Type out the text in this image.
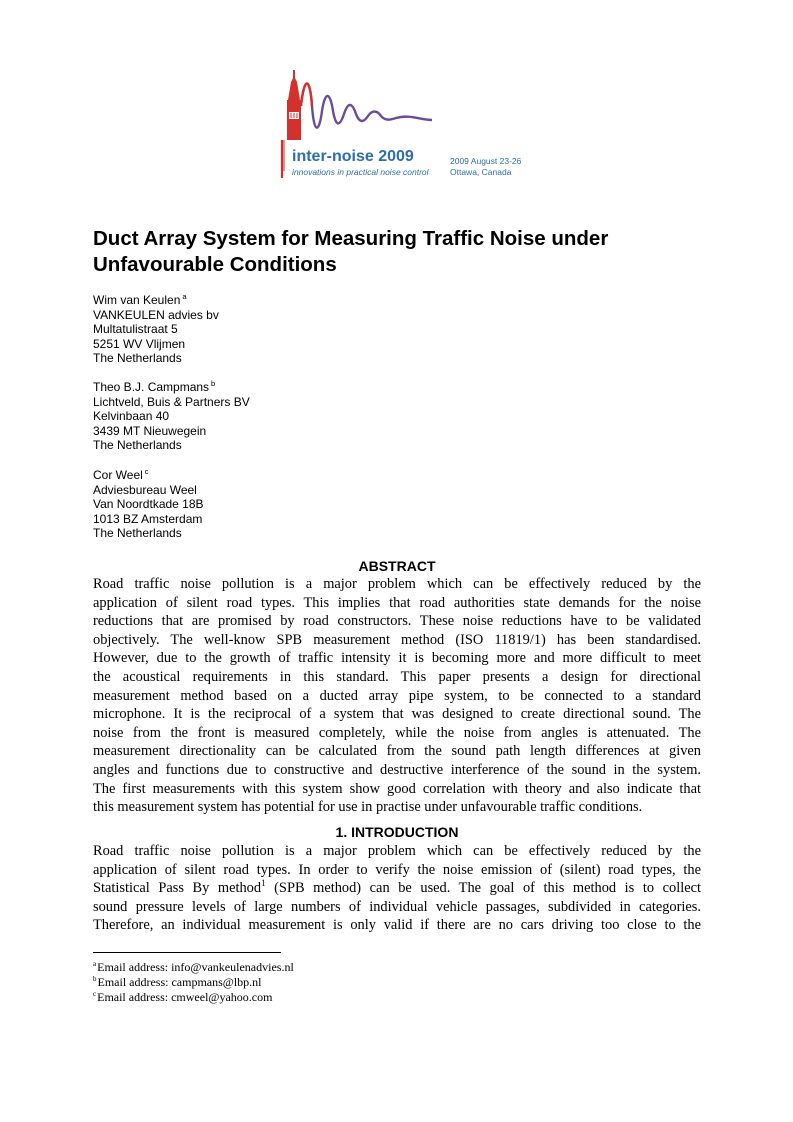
inter-noise 2009
innovations in practical noise control
2009 August 23-26
Ottawa, Canada
Duct Array System for Measuring Traffic Noise under
Unfavourable Conditions
Wim van Keulen $^a$
VANKEULEN advies bv
Multatulistraat 5
5251 WV Vlijmen
The Netherlands
Theo B.J. Campmans $^b$
Lichtveld, Buis & Partners BV
Kelvinbaan 40
3439 MT Nieuwegein
The Netherlands
Cor Weel $^c$
Adviesbureau Weel
Van Noordtkade 18B
1013 BZ Amsterdam
The Netherlands
ABSTRACT
Road traffic noise pollution is a major problem which can be effectively reduced by the
application of silent road types. This implies that road authorities state demands for the noise
reductions that are promised by road constructors. These noise reductions have to be validated
objectively. The well-know SPB measurement method (ISO 11819/1) has been standardised.
However, due to the growth of traffic intensity it is becoming more and more difficult to meet
the acoustical requirements in this standard. This paper presents a design for directional
measurement method based on a ducted array pipe system, to be connected to a standard
microphone. It is the reciprocal of a system that was designed to create directional sound. The
noise from the front is measured completely, while the noise from angles is attenuated. The
measurement directionality can be calculated from the sound path length differences at given
angles and functions due to constructive and destructive interference of the sound in the system.
The first measurements with this system show good correlation with theory and also indicate that
this measurement system has potential for use in practise under unfavourable traffic conditions.
1. INTRODUCTION
Road traffic noise pollution is a major problem which can be effectively reduced by the
application of silent road types. In order to verify the noise emission of (silent) road types, the
Statistical Pass By method$^1$ (SPB method) can be used. The goal of this method is to collect
sound pressure levels of large numbers of individual vehicle passages, subdivided in categories.
Therefore, an individual measurement is only valid if there are no cars driving too close to the
$^a$Email address: info@vankeulenadvies.nl
$^b$Email address: campmans@lbp.nl
$^c$Email address: cmweel@yahoo.com
